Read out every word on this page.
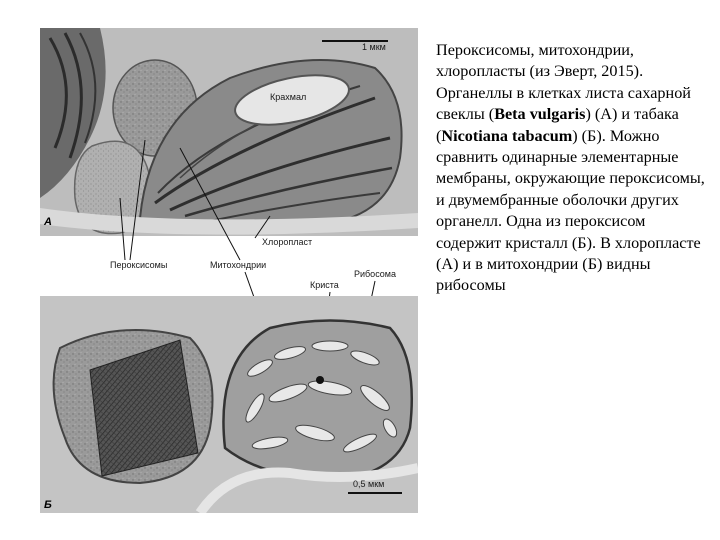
Крахмал
1 мкм
А
Хлоропласт
Пероксисомы	Митохондрии
Рибосома
Криста
0,5 мкм
Б
Пероксисомы, митохондрии, хлоропласты (из Эверт, 2015). Органеллы в клетках листа сахарной свеклы (Beta vulgaris) (А) и табака (Nicotiana tabacum) (Б). Можно сравнить одинарные элементарные мембраны, окружающие пероксисомы, и двумембранные оболочки других органелл. Одна из пероксисом содержит кристалл (Б). В хлоропласте (А) и в митохондрии (Б) видны рибосомы
